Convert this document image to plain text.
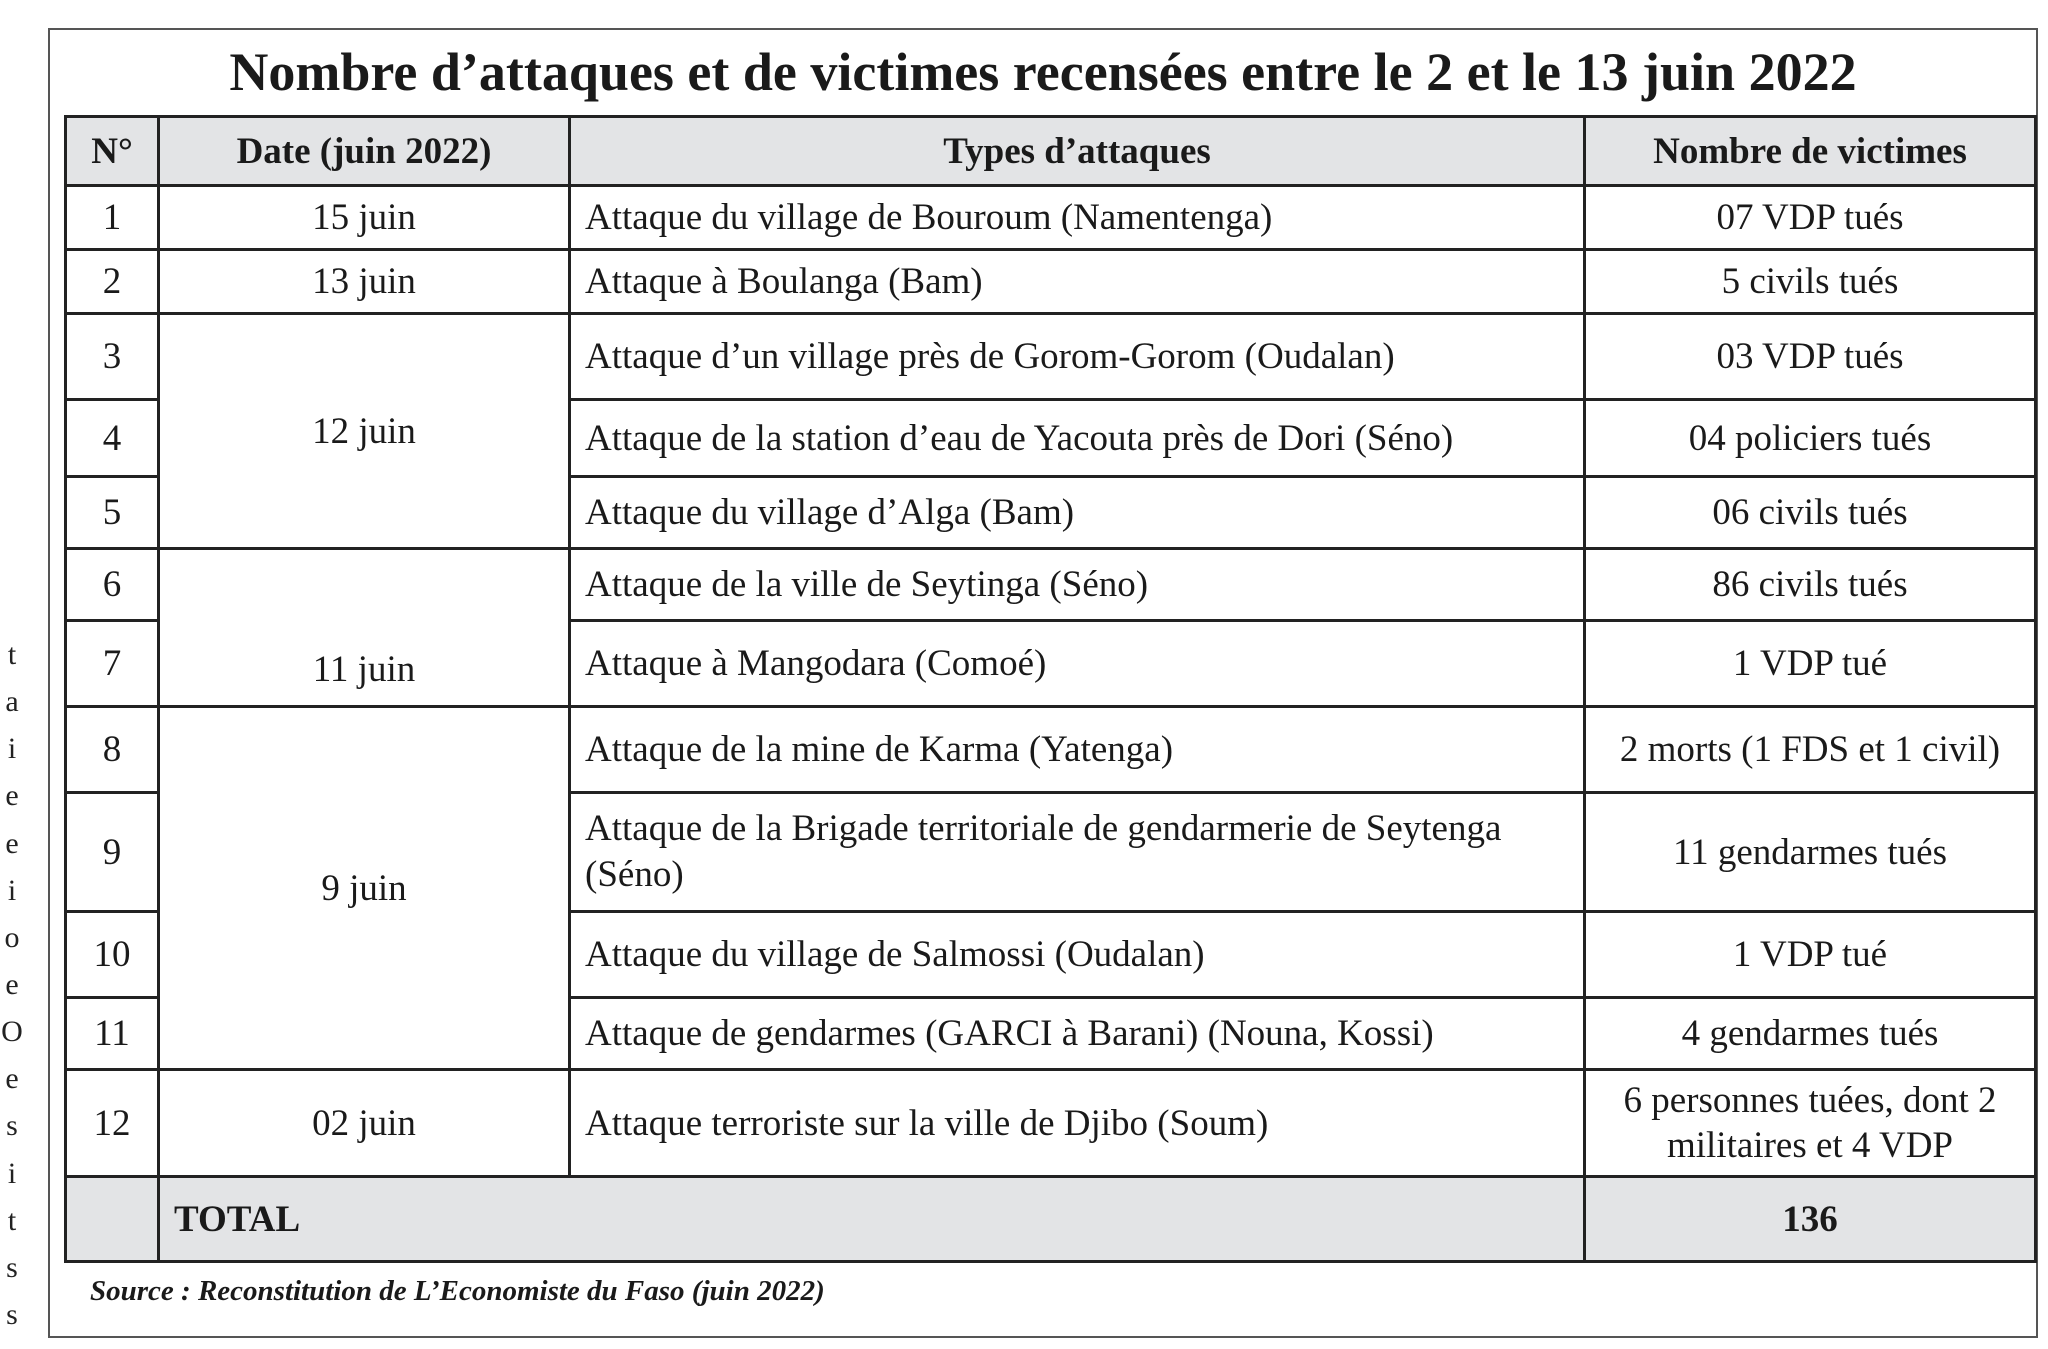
Nombre d’attaques et de victimes recensées entre le 2 et le 13 juin 2022
N°	Date (juin 2022)	Types d’attaques	Nombre de victimes
1	15 juin	Attaque du village de Bouroum (Namentenga)	07 VDP tués
2	13 juin	Attaque à Boulanga (Bam)	5 civils tués
3	12 juin	Attaque d’un village près de Gorom-Gorom (Oudalan)	03 VDP tués
4		Attaque de la station d’eau de Yacouta près de Dori (Séno)	04 policiers tués
5		Attaque du village d’Alga (Bam)	06 civils tués
6	11 juin	Attaque de la ville de Seytinga (Séno)	86 civils tués
7		Attaque à Mangodara (Comoé)	1 VDP tué
8	9 juin	Attaque de la mine de Karma (Yatenga)	2 morts (1 FDS et 1 civil)
9		Attaque de la Brigade territoriale de gendarmerie de Seytenga (Séno)	11 gendarmes tués
10		Attaque du village de Salmossi (Oudalan)	1 VDP tué
11		Attaque de gendarmes (GARCI à Barani) (Nouna, Kossi)	4 gendarmes tués
12	02 juin	Attaque terroriste sur la ville de Djibo (Soum)	6 personnes tuées, dont 2 militaires et 4 VDP
	TOTAL		136
Source : Reconstitution de L’Economiste du Faso (juin 2022)
t
a
i
e
e
i
o
e
O
e
s
i
t
s
s
